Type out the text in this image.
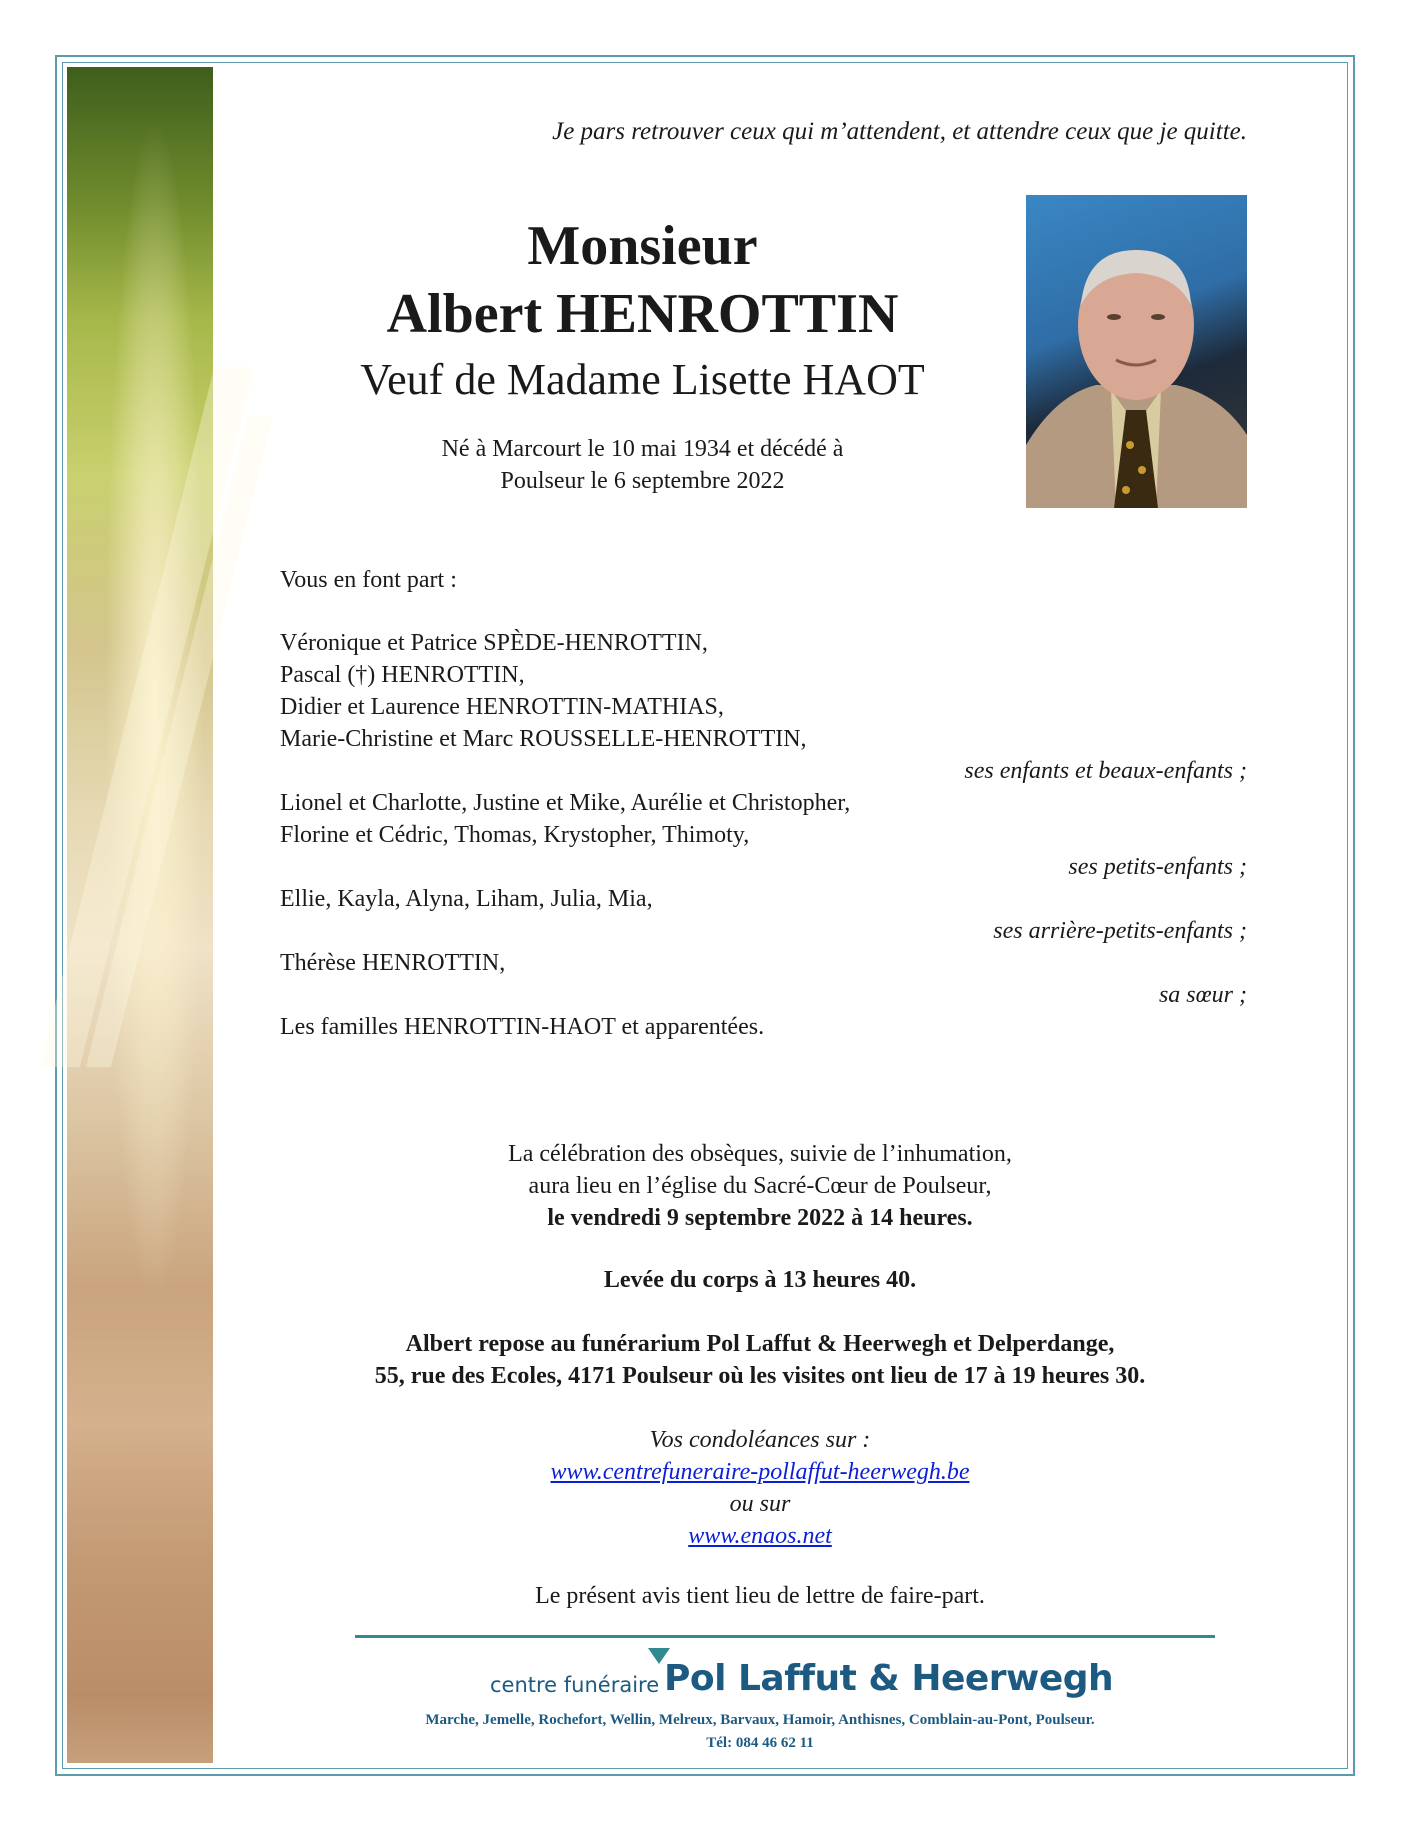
Je pars retrouver ceux qui m’attendent, et attendre ceux que je quitte.
Monsieur
Albert HENROTTIN
Veuf de Madame Lisette HAOT
Né à Marcourt le 10 mai 1934 et décédé à
Poulseur le 6 septembre 2022
Vous en font part :
Véronique et Patrice SPÈDE-HENROTTIN,
Pascal (†) HENROTTIN,
Didier et Laurence HENROTTIN-MATHIAS,
Marie-Christine et Marc ROUSSELLE-HENROTTIN,
ses enfants et beaux-enfants ;
Lionel et Charlotte, Justine et Mike, Aurélie et Christopher,
Florine et Cédric, Thomas, Krystopher, Thimoty,
ses petits-enfants ;
Ellie, Kayla, Alyna, Liham, Julia, Mia,
ses arrière-petits-enfants ;
Thérèse HENROTTIN,
sa sœur ;
Les familles HENROTTIN-HAOT et apparentées.
La célébration des obsèques, suivie de l’inhumation,
aura lieu en l’église du Sacré-Cœur de Poulseur,
le vendredi 9 septembre 2022 à 14 heures.
Levée du corps à 13 heures 40.
Albert repose au funérarium Pol Laffut & Heerwegh et Delperdange,
55, rue des Ecoles, 4171 Poulseur où les visites ont lieu de 17 à 19 heures 30.
Vos condoléances sur :
www.centrefuneraire-pollaffut-heerwegh.be
ou sur
www.enaos.net
Le présent avis tient lieu de lettre de faire-part.
centre funéraire Pol Laffut & Heerwegh
Marche, Jemelle, Rochefort, Wellin, Melreux, Barvaux, Hamoir, Anthisnes, Comblain-au-Pont, Poulseur.
Tél: 084 46 62 11
